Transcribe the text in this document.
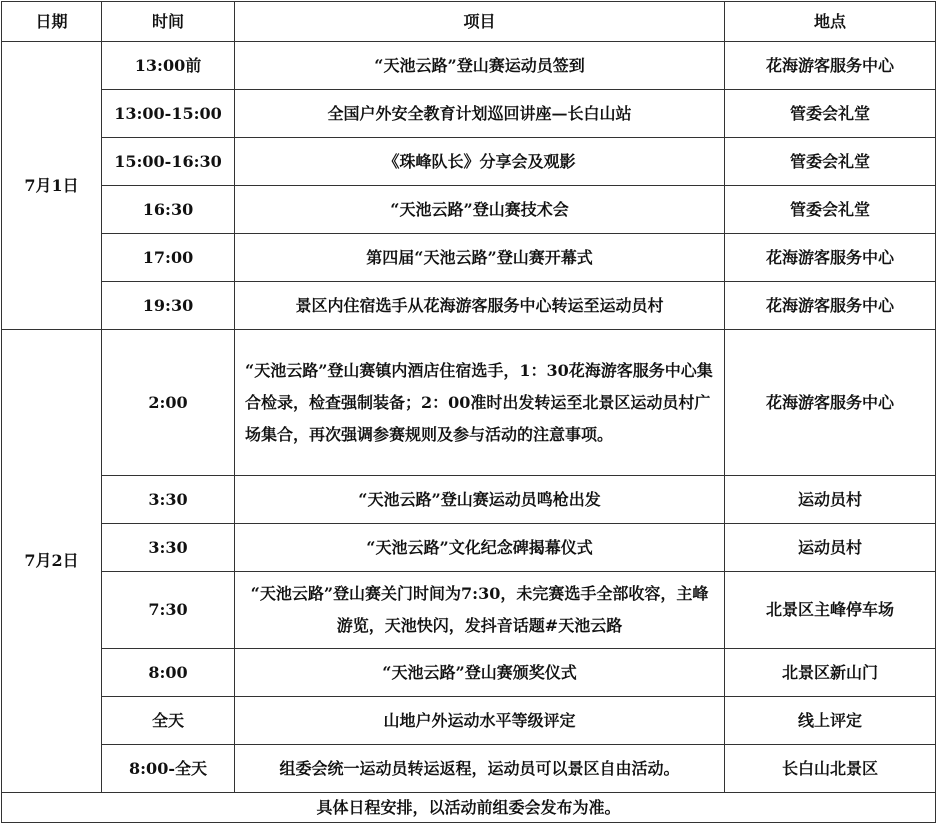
日期	时间	项目	地点
7月1日	13:00前	“天池云路”登山赛运动员签到	花海游客服务中心
	13:00-15:00	全国户外安全教育计划巡回讲座—长白山站	管委会礼堂
	15:00-16:30	《珠峰队长》分享会及观影	管委会礼堂
	16:30	“天池云路”登山赛技术会	管委会礼堂
	17:00	第四届“天池云路”登山赛开幕式	花海游客服务中心
	19:30	景区内住宿选手从花海游客服务中心转运至运动员村	花海游客服务中心
7月2日	2:00	“天池云路”登山赛镇内酒店住宿选手，1：30花海游客服务中心集合检录，检查强制装备；2：00准时出发转运至北景区运动员村广场集合，再次强调参赛规则及参与活动的注意事项。	花海游客服务中心
	3:30	“天池云路”登山赛运动员鸣枪出发	运动员村
	3:30	“天池云路”文化纪念碑揭幕仪式	运动员村
	7:30	“天池云路”登山赛关门时间为7:30，未完赛选手全部收容，主峰游览，天池快闪，发抖音话题#天池云路	北景区主峰停车场
	8:00	“天池云路”登山赛颁奖仪式	北景区新山门
	全天	山地户外运动水平等级评定	线上评定
	8:00-全天	组委会统一运动员转运返程，运动员可以景区自由活动。	长白山北景区
具体日程安排，以活动前组委会发布为准。			
